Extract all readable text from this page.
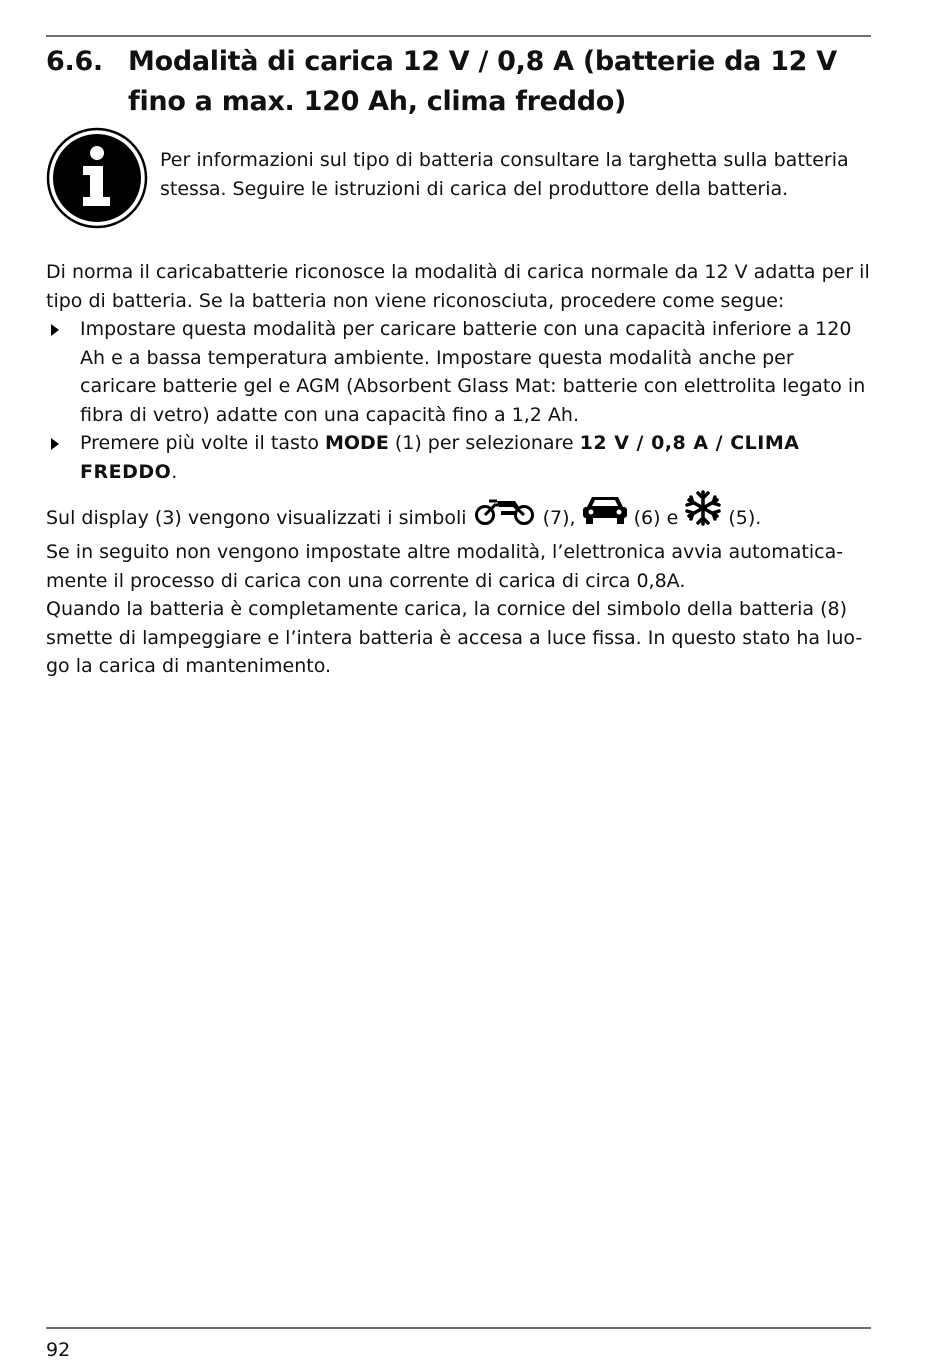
6.6. Modalità di carica 12 V / 0,8 A (batterie da 12 V fino a max. 120 Ah, clima freddo)
Per informazioni sul tipo di batteria consultare la targhetta sulla batteria stessa. Seguire le istruzioni di carica del produttore della batteria.

Di norma il caricabatterie riconosce la modalità di carica normale da 12 V adatta per il tipo di batteria. Se la batteria non viene riconosciuta, procedere come segue:

Impostare questa modalità per caricare batterie con una capacità inferiore a 120 Ah e a bassa temperatura ambiente. Impostare questa modalità anche per caricare batterie gel e AGM (Absorbent Glass Mat: batterie con elettrolita legato in fibra di vetro) adatte con una capacità fino a 1,2 Ah.
Premere più volte il tasto MODE (1) per selezionare 12 V / 0,8 A / CLIMA FREDDO.

Sul display (3) vengono visualizzati i simboli	(7),	(6) e  (5).

Se in seguito non vengono impostate altre modalità, l’elettronica avvia automatica-mente il processo di carica con una corrente di carica di circa 0,8A.

Quando la batteria è completamente carica, la cornice del simbolo della batteria (8) smette di lampeggiare e l’intera batteria è accesa a luce fissa. In questo stato ha luo-go la carica di mantenimento.

92
